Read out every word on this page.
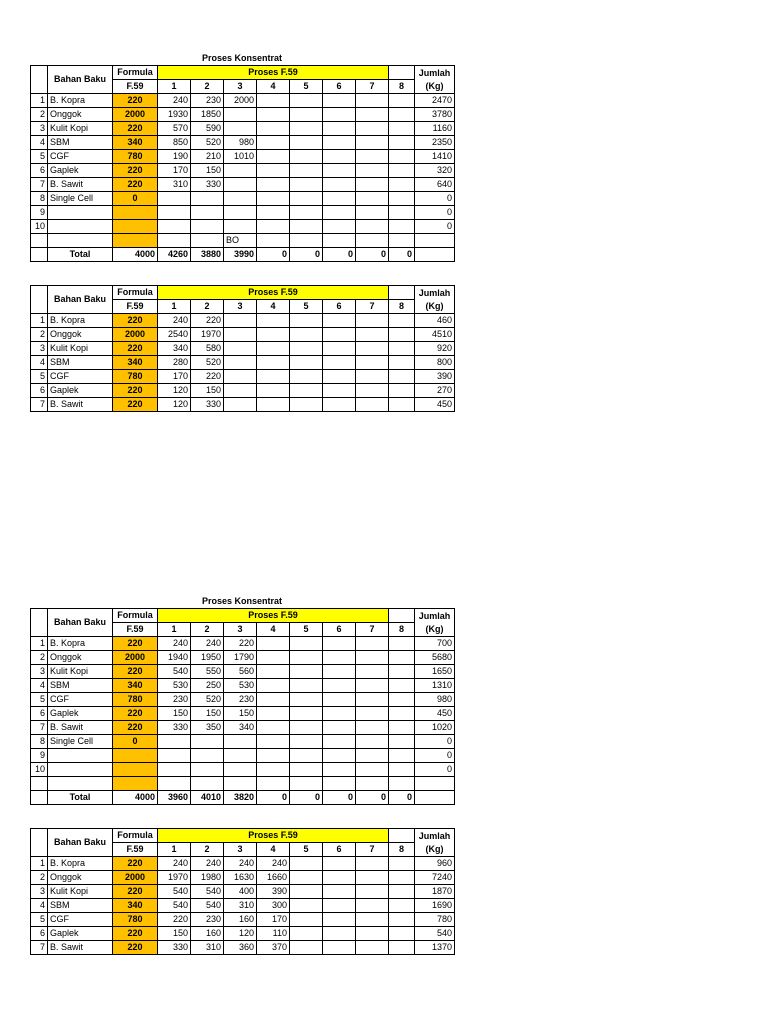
Proses Konsentrat
	Bahan Baku	Formula	Proses F.59								Jumlah
(Kg)
		F.59	1	2	3	4	5	6	7	8	
1	B. Kopra	220	240	230	2000						2470
2	Onggok	2000	1930	1850							3780
3	Kulit Kopi	220	570	590							1160
4	SBM	340	850	520	980						2350
5	CGF	780	190	210	1010						1410
6	Gaplek	220	170	150							320
7	B. Sawit	220	310	330							640
8	Single Cell	0									0
9											0
10											0
					BO						
	Total	4000	4260	3880	3990	0	0	0	0	0	
	Bahan Baku	Formula	Proses F.59								Jumlah
(Kg)
		F.59	1	2	3	4	5	6	7	8	
1	B. Kopra	220	240	220							460
2	Onggok	2000	2540	1970							4510
3	Kulit Kopi	220	340	580							920
4	SBM	340	280	520							800
5	CGF	780	170	220							390
6	Gaplek	220	120	150							270
7	B. Sawit	220	120	330							450
Proses Konsentrat
	Bahan Baku	Formula	Proses F.59								Jumlah
(Kg)
		F.59	1	2	3	4	5	6	7	8	
1	B. Kopra	220	240	240	220						700
2	Onggok	2000	1940	1950	1790						5680
3	Kulit Kopi	220	540	550	560						1650
4	SBM	340	530	250	530						1310
5	CGF	780	230	520	230						980
6	Gaplek	220	150	150	150						450
7	B. Sawit	220	330	350	340						1020
8	Single Cell	0									0
9											0
10											0

	Total	4000	3960	4010	3820	0	0	0	0	0	
	Bahan Baku	Formula	Proses F.59								Jumlah
(Kg)
		F.59	1	2	3	4	5	6	7	8	
1	B. Kopra	220	240	240	240	240					960
2	Onggok	2000	1970	1980	1630	1660					7240
3	Kulit Kopi	220	540	540	400	390					1870
4	SBM	340	540	540	310	300					1690
5	CGF	780	220	230	160	170					780
6	Gaplek	220	150	160	120	110					540
7	B. Sawit	220	330	310	360	370					1370
